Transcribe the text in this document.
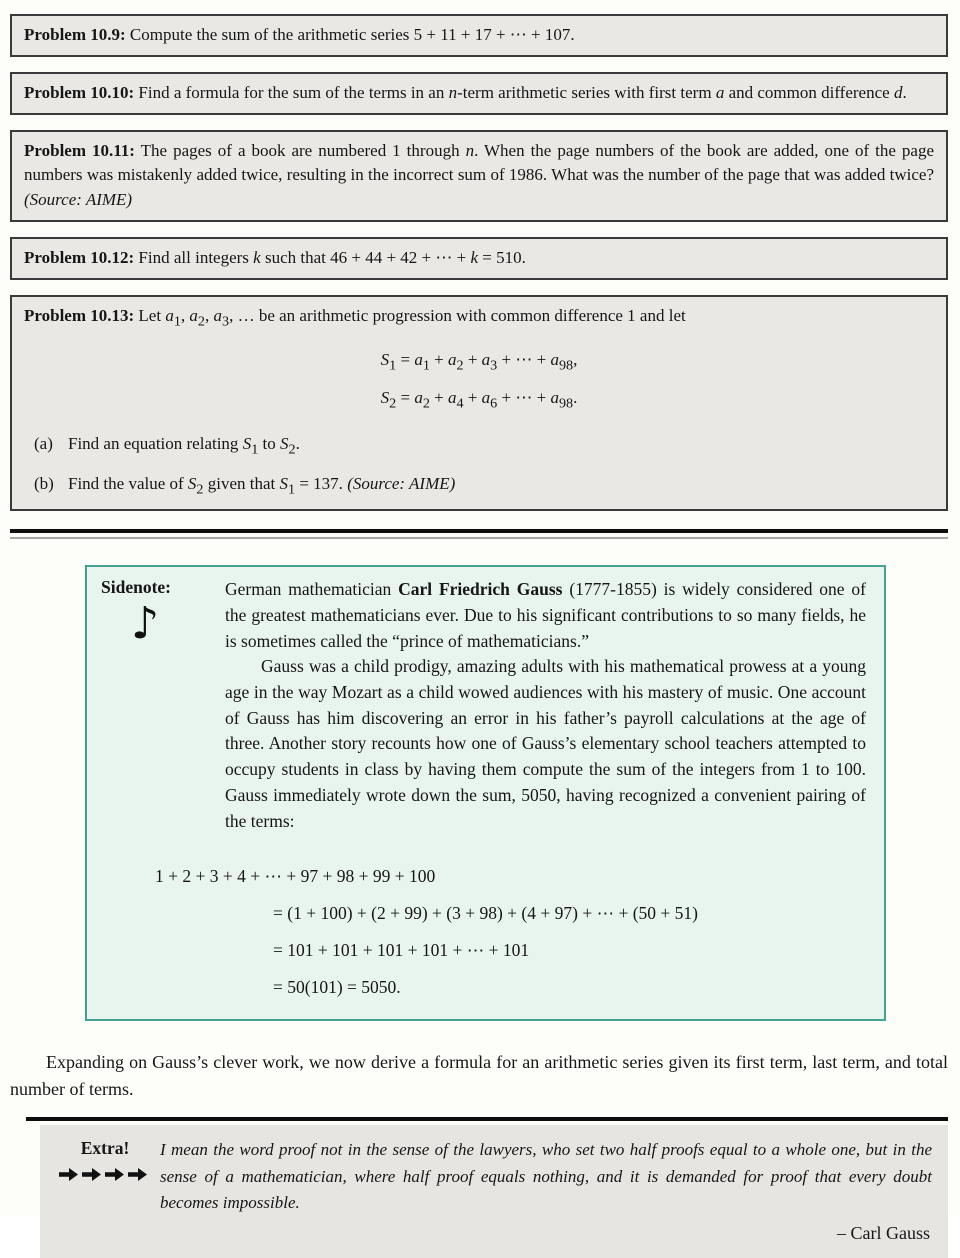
Problem 10.9: Compute the sum of the arithmetic series 5 + 11 + 17 + ⋯ + 107.

Problem 10.10: Find a formula for the sum of the terms in an n-term arithmetic series with first term a and common difference d.

Problem 10.11: The pages of a book are numbered 1 through n. When the page numbers of the book are added, one of the page numbers was mistakenly added twice, resulting in the incorrect sum of 1986. What was the number of the page that was added twice? (Source: AIME)

Problem 10.12: Find all integers k such that 46 + 44 + 42 + ⋯ + k = 510.

Problem 10.13: Let $a_1$, $a_2$, $a_3$, … be an arithmetic progression with common difference 1 and let

$S_1 = a_1 + a_2 + a_3$ + ⋯ + $a_{98}$,
$S_2 = a_2 + a_4 + a_6$ + ⋯ + $a_{98}$.

(a) Find an equation relating $S_1$ to $S_2$.

(b) Find the value of $S_2$ given that $S_1 = 137$. (Source: AIME)

Sidenote:
♪

German mathematician Carl Friedrich Gauss (1777-1855) is widely considered one of the greatest mathematicians ever. Due to his significant contributions to so many fields, he is sometimes called the “prince of mathematicians.”

Gauss was a child prodigy, amazing adults with his mathematical prowess at a young age in the way Mozart as a child wowed audiences with his mastery of music. One account of Gauss has him discovering an error in his father’s payroll calculations at the age of three. Another story recounts how one of Gauss’s elementary school teachers attempted to occupy students in class by having them compute the sum of the integers from 1 to 100. Gauss immediately wrote down the sum, 5050, having recognized a convenient pairing of the terms:

1 + 2 + 3 + 4 + ⋯ + 97 + 98 + 99 + 100
= (1 + 100) + (2 + 99) + (3 + 98) + (4 + 97) + ⋯ + (50 + 51)
= 101 + 101 + 101 + 101 + ⋯ + 101
= 50(101) = 5050.

Expanding on Gauss’s clever work, we now derive a formula for an arithmetic series given its first term, last term, and total number of terms.

Extra!	I mean the word proof not in the sense of the lawyers, who set two half proofs equal to a whole one, but in the sense of a mathematician, where half proof equals nothing, and it is demanded for proof that every doubt becomes impossible.

– Carl Gauss
